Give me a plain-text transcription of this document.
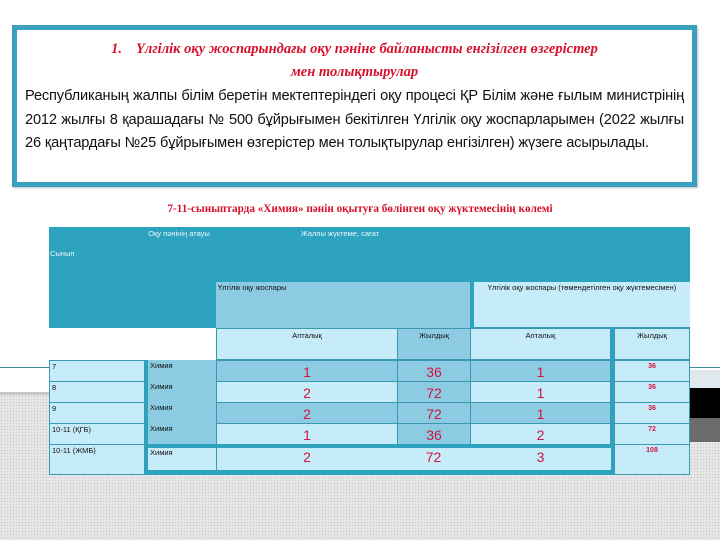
1. Үлгілік оқу жоспарындағы оқу пәніне байланысты енгізілген өзгерістер
мен толықтырулар
Республиканың жалпы білім беретін мектептеріндегі оқу процесі ҚР Білім және ғылым министрінің 2012 жылғы 8 қарашадағы № 500 бұйрығымен бекітілген Үлгілік оқу жоспарларымен (2022 жылғы 26 қаңтардағы №25 бұйрығымен өзгерістер мен толықтырулар енгізілген) жүзеге асырылады.
7-11-сыныптарда «Химия» пәнін оқытуға бөлінген оқу жүктемесінің көлемі
Сынып
Оқу пәнінің атауы	Жалпы жүктеме, сағат
Үлгілік оқу жоспары	Үлгілік оқу жоспары (төмендетілген оқу жүктемесімен)
Апталық	Жылдық	Апталық	Жылдық
7	Химия	1	36	1	36
8	Химия	2	72	1	36
9	Химия	2	72	1	36
10-11 (ҚГБ)	Химия	1	36	2	72
10-11 (ЖМБ)	Химия	2	72	3	108
